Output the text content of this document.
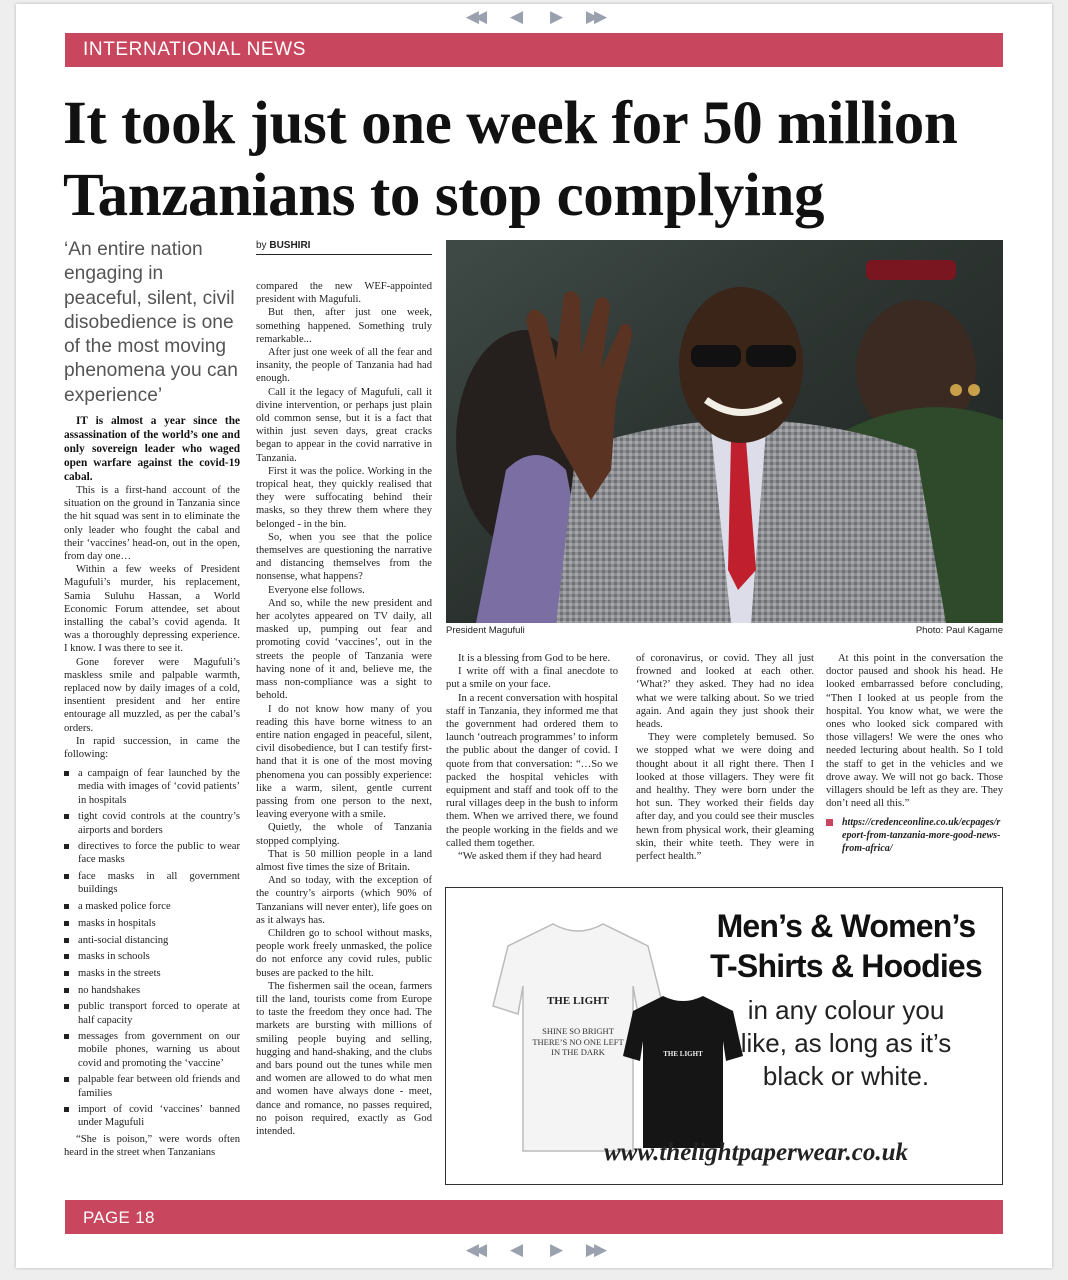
◀◀	◀	▶	▶▶
INTERNATIONAL NEWS
It took just one week for 50 million Tanzanians to stop complying
‘An entire nation engaging in peaceful, silent, civil disobedience is one of the most moving phenomena you can experience’
by BUSHIRI

IT is almost a year since the assassination of the world’s one and only sovereign leader who waged open warfare against the covid-19 cabal.

This is a first-hand account of the situation on the ground in Tanzania since the hit squad was sent in to eliminate the only leader who fought the cabal and their ‘vaccines’ head-on, out in the open, from day one…

Within a few weeks of President Magufuli’s murder, his replacement, Samia Suluhu Hassan, a World Economic Forum attendee, set about installing the cabal’s covid agenda. It was a thoroughly depressing experience. I know. I was there to see it.

Gone forever were Magufuli’s maskless smile and palpable warmth, replaced now by daily images of a cold, insentient president and her entire entourage all muzzled, as per the cabal’s orders.

In rapid succession, in came the following:

a campaign of fear launched by the media with images of ‘covid patients’ in hospitals
tight covid controls at the country’s airports and borders
directives to force the public to wear face masks
face masks in all government buildings
a masked police force
masks in hospitals
anti-social distancing
masks in schools
masks in the streets
no handshakes
public transport forced to operate at half capacity
messages from government on our mobile phones, warning us about covid and promoting the ‘vaccine’
palpable fear between old friends and families
import of covid ‘vaccines’ banned under Magufuli

“She is poison,” were words often heard in the street when Tanzanians

compared the new WEF-appointed president with Magufuli.

But then, after just one week, something happened. Something truly remarkable...

After just one week of all the fear and insanity, the people of Tanzania had had enough.

Call it the legacy of Magufuli, call it divine intervention, or perhaps just plain old common sense, but it is a fact that within just seven days, great cracks began to appear in the covid narrative in Tanzania.

First it was the police. Working in the tropical heat, they quickly realised that they were suffocating behind their masks, so they threw them where they belonged - in the bin.

So, when you see that the police themselves are questioning the narrative and distancing themselves from the nonsense, what happens?

Everyone else follows.

And so, while the new president and her acolytes appeared on TV daily, all masked up, pumping out fear and promoting covid ‘vaccines’, out in the streets the people of Tanzania were having none of it and, believe me, the mass non-compliance was a sight to behold.

I do not know how many of you reading this have borne witness to an entire nation engaged in peaceful, silent, civil disobedience, but I can testify first-hand that it is one of the most moving phenomena you can possibly experience: like a warm, silent, gentle current passing from one person to the next, leaving everyone with a smile.

Quietly, the whole of Tanzania stopped complying.

That is 50 million people in a land almost five times the size of Britain.

And so today, with the exception of the country’s airports (which 90% of Tanzanians will never enter), life goes on as it always has.

Children go to school without masks, people work freely unmasked, the police do not enforce any covid rules, public buses are packed to the hilt.

The fishermen sail the ocean, farmers till the land, tourists come from Europe to taste the freedom they once had. The markets are bursting with millions of smiling people buying and selling, hugging and hand-shaking, and the clubs and bars pound out the tunes while men and women are allowed to do what men and women have always done - meet, dance and romance, no passes required, no poison required, exactly as God intended.

President Magufuli	Photo: Paul Kagame

It is a blessing from God to be here.

I write off with a final anecdote to put a smile on your face.

In a recent conversation with hospital staff in Tanzania, they informed me that the government had ordered them to launch ‘outreach programmes’ to inform the public about the danger of covid. I quote from that conversation: “…So we packed the hospital vehicles with equipment and staff and took off to the rural villages deep in the bush to inform them. When we arrived there, we found the people working in the fields and we called them together.

“We asked them if they had heard

of coronavirus, or covid. They all just frowned and looked at each other. ‘What?’ they asked. They had no idea what we were talking about. So we tried again. And again they just shook their heads.

They were completely bemused. So we stopped what we were doing and thought about it all right there. Then I looked at those villagers. They were fit and healthy. They were born under the hot sun. They worked their fields day after day, and you could see their muscles hewn from physical work, their gleaming skin, their white teeth. They were in perfect health.”

At this point in the conversation the doctor paused and shook his head. He looked embarrassed before concluding, “Then I looked at us people from the hospital. You know what, we were the ones who looked sick compared with those villagers! We were the ones who needed lecturing about health. So I told the staff to get in the vehicles and we drove away. We will not go back. Those villagers should be left as they are. They don’t need all this.”

https://credenceonline.co.uk/ecpages/report-from-tanzania-more-good-news-from-africa/
THE LIGHT
SHINE SO BRIGHT THERE’S NO ONE LEFT IN THE DARK	THE LIGHT
Men’s & Women’s T-Shirts & Hoodies
in any colour you like, as long as it’s black or white.
www.thelightpaperwear.co.uk
PAGE 18
◀◀	◀	▶	▶▶
